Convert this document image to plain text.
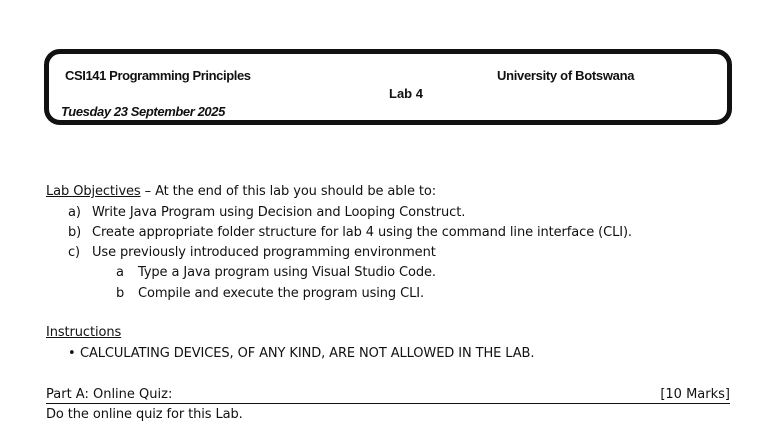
CSI141 Programming Principles	University of Botswana
Lab 4
Tuesday 23 September 2025
Lab Objectives – At the end of this lab you should be able to:
a) Write Java Program using Decision and Looping Construct.
b) Create appropriate folder structure for lab 4 using the command line interface (CLI).
c) Use previously introduced programming environment
a Type a Java program using Visual Studio Code.
b Compile and execute the program using CLI.
Instructions
• CALCULATING DEVICES, OF ANY KIND, ARE NOT ALLOWED IN THE LAB.
Part A: Online Quiz:	[10 Marks]
Do the online quiz for this Lab.
